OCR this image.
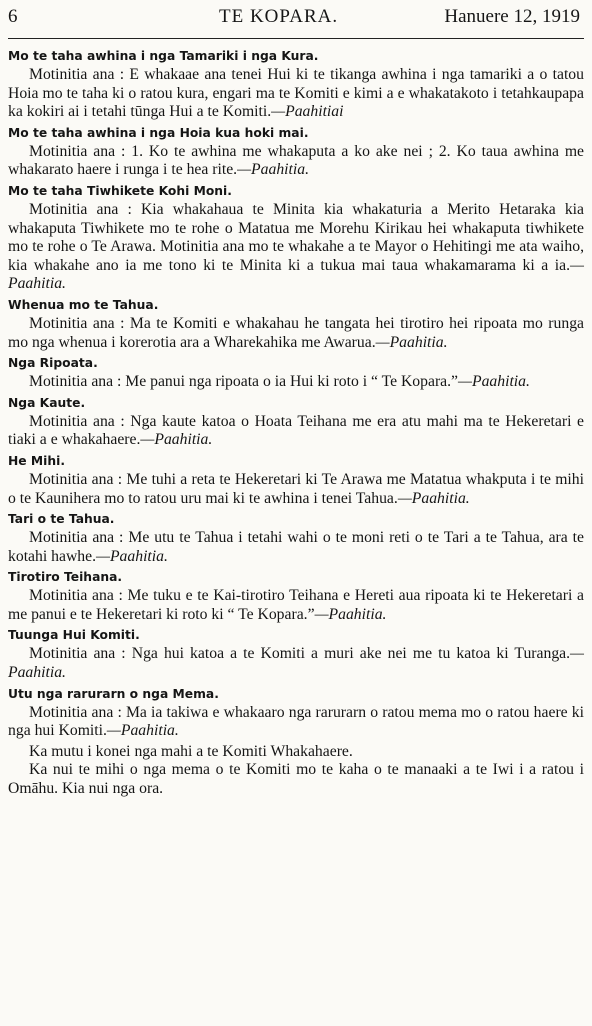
6	TE KOPARA.	Hanuere 12, 1919
Mo te taha awhina i nga Tamariki i nga Kura.

Motinitia ana : E whakaae ana tenei Hui ki te tikanga awhina i nga tamariki a o tatou Hoia mo te taha ki o ratou kura, engari ma te Komiti e kimi a e whakatakoto i tetahkaupapa ka kokiri ai i tetahi tūnga Hui a te Komiti.—Paahitiai

Mo te taha awhina i nga Hoia kua hoki mai.

Motinitia ana : 1. Ko te awhina me whakaputa a ko ake nei ; 2. Ko taua awhina me whakarato haere i runga i te hea rite.—Paahitia.

Mo te taha Tiwhikete Kohi Moni.

Motinitia ana : Kia whakahaua te Minita kia whakaturia a Merito Hetaraka kia whakaputa Tiwhikete mo te rohe o Matatua me Morehu Kirikau hei whakaputa tiwhikete mo te rohe o Te Arawa. Motinitia ana mo te whakahe a te Mayor o Hehitingi me ata waiho, kia whakahe ano ia me tono ki te Minita ki a tukua mai taua whakamarama ki a ia.—Paahitia.

Whenua mo te Tahua.

Motinitia ana : Ma te Komiti e whakahau he tangata hei tirotiro hei ripoata mo runga mo nga whenua i korerotia ara a Wharekahika me Awarua.—Paahitia.

Nga Ripoata.

Motinitia ana : Me panui nga ripoata o ia Hui ki roto i “ Te Kopara.”—Paahitia.

Nga Kaute.

Motinitia ana : Nga kaute katoa o Hoata Teihana me era atu mahi ma te Hekeretari e tiaki a e whakahaere.—Paahitia.

He Mihi.

Motinitia ana : Me tuhi a reta te Hekeretari ki Te Arawa me Matatua whakputa i te mihi o te Kaunihera mo to ratou uru mai ki te awhina i tenei Tahua.—Paahitia.

Tari o te Tahua.

Motinitia ana : Me utu te Tahua i tetahi wahi o te moni reti o te Tari a te Tahua, ara te kotahi hawhe.—Paahitia.

Tirotiro Teihana.

Motinitia ana : Me tuku e te Kai-tirotiro Teihana e Hereti aua ripoata ki te Hekeretari a me panui e te Hekeretari ki roto ki “ Te Kopara.”—Paahitia.

Tuunga Hui Komiti.

Motinitia ana : Nga hui katoa a te Komiti a muri ake nei me tu katoa ki Turanga.—Paahitia.

Utu nga rarurarn o nga Mema.

Motinitia ana : Ma ia takiwa e whakaaro nga rarurarn o ratou mema mo o ratou haere ki nga hui Komiti.—Paahitia.

Ka mutu i konei nga mahi a te Komiti Whakahaere.

Ka nui te mihi o nga mema o te Komiti mo te kaha o te manaaki a te Iwi i a ratou i Omāhu. Kia nui nga ora.
